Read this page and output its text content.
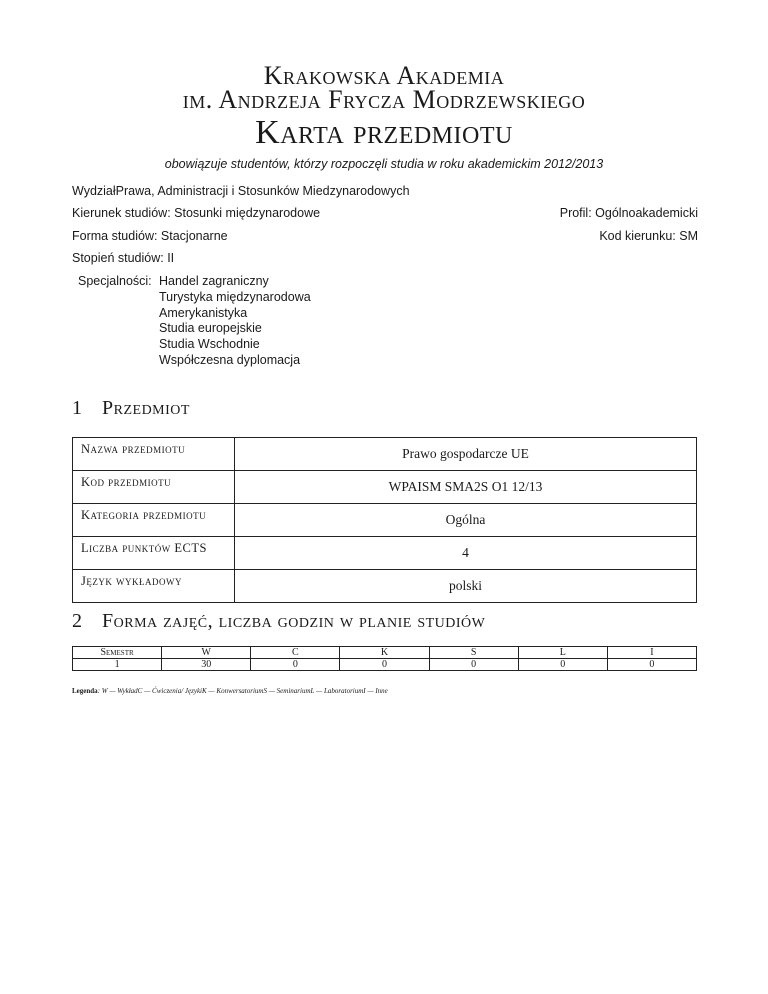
Krakowska Akademia
im. Andrzeja Frycza Modrzewskiego
Karta przedmiotu
obowiązuje studentów, którzy rozpoczęli studia w roku akademickim 2012/2013
WydziałPrawa, Administracji i Stosunków Miedzynarodowych
Kierunek studiów: Stosunki międzynarodowe	Profil: Ogólnoakademicki
Forma studiów: Stacjonarne	Kod kierunku: SM
Stopień studiów: II
Specjalności: Handel zagraniczny
Turystyka międzynarodowa
Amerykanistyka
Studia europejskie
Studia Wschodnie
Współczesna dyplomacja
1 Przedmiot
Nazwa przedmiotu	Prawo gospodarcze UE
Kod przedmiotu	WPAISM SMA2S O1 12/13
Kategoria przedmiotu	Ogólna
Liczba punktów ECTS	4
Język wykładowy	polski
2 Forma zajęć, liczba godzin w planie studiów
Semestr	W	C	K	S	L	I
1	30	0	0	0	0	0
Legenda: W — WykładC — Ćwiczenia/ JęzykiK — KonwersatoriumS — SeminariumL — LaboratoriumI — Inne
